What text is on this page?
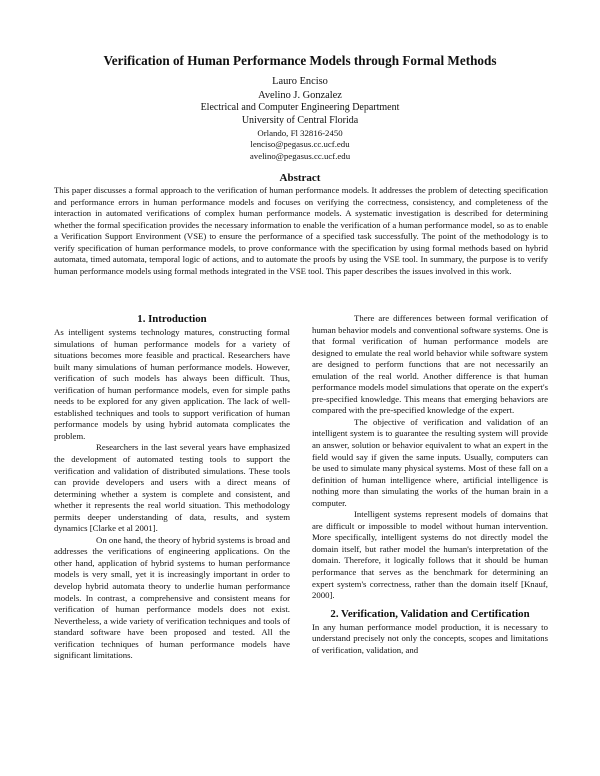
Verification of Human Performance Models through Formal Methods
Lauro Enciso
Avelino J. Gonzalez
Electrical and Computer Engineering Department
University of Central Florida
Orlando, Fl 32816-2450
lenciso@pegasus.cc.ucf.edu
avelino@pegasus.cc.ucf.edu
Abstract

This paper discusses a formal approach to the verification of human performance models. It addresses the problem of detecting specification and performance errors in human performance models and focuses on verifying the correctness, consistency, and completeness of the interaction in automated verifications of complex human performance models. A systematic investigation is described for determining whether the formal specification provides the necessary information to enable the verification of a human performance model, so as to enable a Verification Support Environment (VSE) to ensure the performance of a specified task successfully. The point of the methodology is to verify specification of human performance models, to prove conformance with the specification by using formal methods based on hybrid automata, timed automata, temporal logic of actions, and to automate the proofs by using the VSE tool. In summary, the purpose is to verify human performance models using formal methods integrated in the VSE tool. This paper describes the issues involved in this work.

1. Introduction

As intelligent systems technology matures, constructing formal simulations of human performance models for a variety of situations becomes more feasible and practical. Researchers have built many simulations of human performance models. However, verification of such models has always been difficult. Thus, verification of human performance models, even for simple paths needs to be explored for any given application. The lack of well-established techniques and tools to support verification of human performance models by using hybrid automata complicates the problem.

Researchers in the last several years have emphasized the development of automated testing tools to support the verification and validation of distributed simulations. These tools can provide developers and users with a direct means of determining whether a system is complete and consistent, and whether it represents the real world situation. This methodology permits deeper understanding of data, results, and system dynamics [Clarke et al 2001].

On one hand, the theory of hybrid systems is broad and addresses the verifications of engineering applications. On the other hand, application of hybrid systems to human performance models is very small, yet it is increasingly important in order to develop hybrid automata theory to underlie human performance models. In contrast, a comprehensive and consistent means for verification of human performance models does not exist. Nevertheless, a wide variety of verification techniques and tools of standard software have been proposed and tested. All the verification techniques of human performance models have significant limitations.

There are differences between formal verification of human behavior models and conventional software systems. One is that formal verification of human performance models are designed to emulate the real world behavior while software system are designed to perform functions that are not necessarily an emulation of the real world. Another difference is that human performance models model simulations that operate on the expert's pre-specified knowledge. This means that emerging behaviors are compared with the pre-specified knowledge of the expert.

The objective of verification and validation of an intelligent system is to guarantee the resulting system will provide an answer, solution or behavior equivalent to what an expert in the field would say if given the same inputs. Usually, computers can be used to simulate many physical systems. Most of these fall on a definition of human intelligence where, artificial intelligence is nothing more than simulating the works of the human brain in a computer.

Intelligent systems represent models of domains that are difficult or impossible to model without human intervention. More specifically, intelligent systems do not directly model the domain itself, but rather model the human's interpretation of the domain. Therefore, it logically follows that it should be human performance that serves as the benchmark for determining an expert system's correctness, rather than the domain itself [Knauf, 2000].

2. Verification, Validation and Certification

In any human performance model production, it is necessary to understand precisely not only the concepts, scopes and limitations of verification, validation, and
